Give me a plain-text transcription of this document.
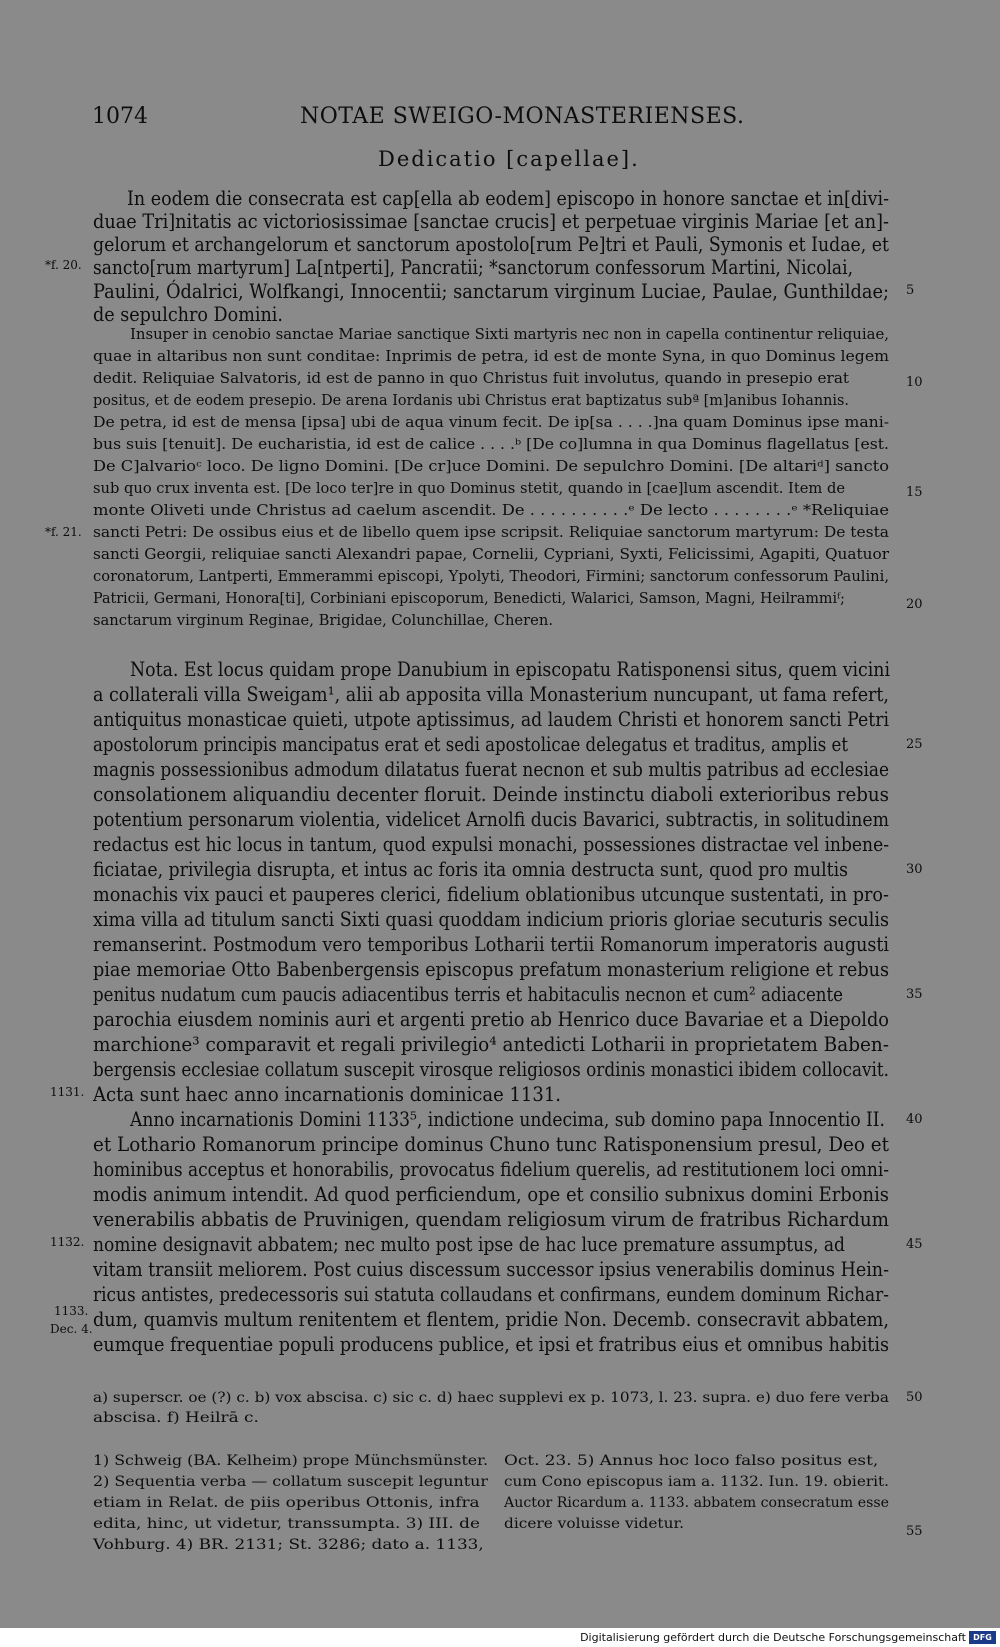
1074	NOTAE SWEIGO-MONASTERIENSES.
Dedicatio [capellae].
In eodem die consecrata est cap[ella ab eodem] episcopo in honore sanctae et in[divi-
duae Tri]nitatis ac victoriosissimae [sanctae crucis] et perpetuae virginis Mariae [et an]-
gelorum et archangelorum et sanctorum apostolo[rum Pe]tri et Pauli, Symonis et Iudae, et
sancto[rum martyrum] La[ntperti], Pancratii; *sanctorum confessorum Martini, Nicolai,
Paulini, Ódalrici, Wolfkangi, Innocentii; sanctarum virginum Luciae, Paulae, Gunthildae;
de sepulchro Domini.
Insuper in cenobio sanctae Mariae sanctique Sixti martyris nec non in capella continentur reliquiae,
quae in altaribus non sunt conditae: Inprimis de petra, id est de monte Syna, in quo Dominus legem
dedit. Reliquiae Salvatoris, id est de panno in quo Christus fuit involutus, quando in presepio erat
positus, et de eodem presepio. De arena Iordanis ubi Christus erat baptizatus subª [m]anibus Iohannis.
De petra, id est de mensa [ipsa] ubi de aqua vinum fecit. De ip[sa . . . .]na quam Dominus ipse mani-
bus suis [tenuit]. De eucharistia, id est de calice . . . .ᵇ [De co]lumna in qua Dominus flagellatus [est.
De C]alvarioᶜ loco. De ligno Domini. [De cr]uce Domini. De sepulchro Domini. [De altariᵈ] sancto
sub quo crux inventa est. [De loco ter]re in quo Dominus stetit, quando in [cae]lum ascendit. Item de
monte Oliveti unde Christus ad caelum ascendit. De . . . . . . . . . .ᵉ De lecto . . . . . . . .ᵉ *Reliquiae
sancti Petri: De ossibus eius et de libello quem ipse scripsit. Reliquiae sanctorum martyrum: De testa
sancti Georgii, reliquiae sancti Alexandri papae, Cornelii, Cypriani, Syxti, Felicissimi, Agapiti, Quatuor
coronatorum, Lantperti, Emmerammi episcopi, Ypolyti, Theodori, Firmini; sanctorum confessorum Paulini,
Patricii, Germani, Honora[ti], Corbiniani episcoporum, Benedicti, Walarici, Samson, Magni, Heilrammiᶠ;
sanctarum virginum Reginae, Brigidae, Colunchillae, Cheren.
Nota. Est locus quidam prope Danubium in episcopatu Ratisponensi situs, quem vicini
a collaterali villa Sweigam¹, alii ab apposita villa Monasterium nuncupant, ut fama refert,
antiquitus monasticae quieti, utpote aptissimus, ad laudem Christi et honorem sancti Petri
apostolorum principis mancipatus erat et sedi apostolicae delegatus et traditus, amplis et
magnis possessionibus admodum dilatatus fuerat necnon et sub multis patribus ad ecclesiae
consolationem aliquandiu decenter floruit. Deinde instinctu diaboli exterioribus rebus
potentium personarum violentia, videlicet Arnolfi ducis Bavarici, subtractis, in solitudinem
redactus est hic locus in tantum, quod expulsi monachi, possessiones distractae vel inbene-
ficiatae, privilegia disrupta, et intus ac foris ita omnia destructa sunt, quod pro multis
monachis vix pauci et pauperes clerici, fidelium oblationibus utcunque sustentati, in pro-
xima villa ad titulum sancti Sixti quasi quoddam indicium prioris gloriae secuturis seculis
remanserint. Postmodum vero temporibus Lotharii tertii Romanorum imperatoris augusti
piae memoriae Otto Babenbergensis episcopus prefatum monasterium religione et rebus
penitus nudatum cum paucis adiacentibus terris et habitaculis necnon et cum² adiacente
parochia eiusdem nominis auri et argenti pretio ab Henrico duce Bavariae et a Diepoldo
marchione³ comparavit et regali privilegio⁴ antedicti Lotharii in proprietatem Baben-
bergensis ecclesiae collatum suscepit virosque religiosos ordinis monastici ibidem collocavit.
Acta sunt haec anno incarnationis dominicae 1131.
Anno incarnationis Domini 1133⁵, indictione undecima, sub domino papa Innocentio II.
et Lothario Romanorum principe dominus Chuno tunc Ratisponensium presul, Deo et
hominibus acceptus et honorabilis, provocatus fidelium querelis, ad restitutionem loci omni-
modis animum intendit. Ad quod perficiendum, ope et consilio subnixus domini Erbonis
venerabilis abbatis de Pruvinigen, quendam religiosum virum de fratribus Richardum
nomine designavit abbatem; nec multo post ipse de hac luce premature assumptus, ad
vitam transiit meliorem. Post cuius discessum successor ipsius venerabilis dominus Hein-
ricus antistes, predecessoris sui statuta collaudans et confirmans, eundem dominum Richar-
dum, quamvis multum renitentem et flentem, pridie Non. Decemb. consecravit abbatem,
eumque frequentiae populi producens publice, et ipsi et fratribus eius et omnibus habitis
*f. 20.
*f. 21.
1131.
1132.
1133.
Dec. 4.
5
10
15
20
25
30
35
40
45
50
55
a) superscr. oe (?) c. b) vox abscisa. c) sic c. d) haec supplevi ex p. 1073, l. 23. supra. e) duo fere verba
abscisa. f) Heilrā c.
1) Schweig (BA. Kelheim) prope Münchsmünster.
2) Sequentia verba — collatum suscepit leguntur
etiam in Relat. de piis operibus Ottonis, infra
edita, hinc, ut videtur, transsumpta. 3) III. de
Vohburg. 4) BR. 2131; St. 3286; dato a. 1133,
Oct. 23. 5) Annus hoc loco falso positus est,
cum Cono episcopus iam a. 1132. Iun. 19. obierit.
Auctor Ricardum a. 1133. abbatem consecratum esse
dicere voluisse videtur.
Digitalisierung gefördert durch die Deutsche Forschungsgemeinschaft DFG
